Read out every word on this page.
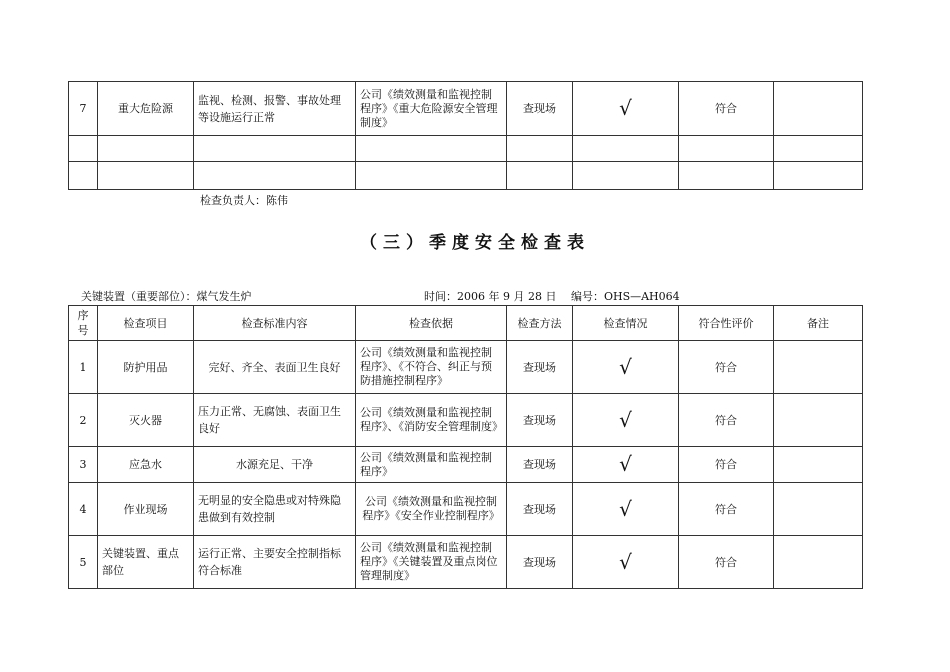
7	重大危险源	监视、检测、报警、事故处理等设施运行正常	公司《绩效测量和监视控制程序》《重大危险源安全管理制度》	查现场	√	符合	

检查负责人：陈伟
（三）季度安全检查表
关键装置（重要部位）：煤气发生炉	时间：2006 年 9 月 28 日　 编号：OHS—AH064
序号	检查项目	检查标准内容	检查依据	检查方法	检查情况	符合性评价	备注
1	防护用品	完好、齐全、表面卫生良好	公司《绩效测量和监视控制程序》、《不符合、纠正与预防措施控制程序》	查现场	√	符合	
2	灭火器	压力正常、无腐蚀、表面卫生良好	公司《绩效测量和监视控制程序》、《消防安全管理制度》	查现场	√	符合	
3	应急水	水源充足、干净	公司《绩效测量和监视控制程序》	查现场	√	符合	
4	作业现场	无明显的安全隐患或对特殊隐患做到有效控制	公司《绩效测量和监视控制程序》《安全作业控制程序》	查现场	√	符合	
5	关键装置、重点部位	运行正常、主要安全控制指标符合标准	公司《绩效测量和监视控制程序》《关键装置及重点岗位管理制度》	查现场	√	符合	
